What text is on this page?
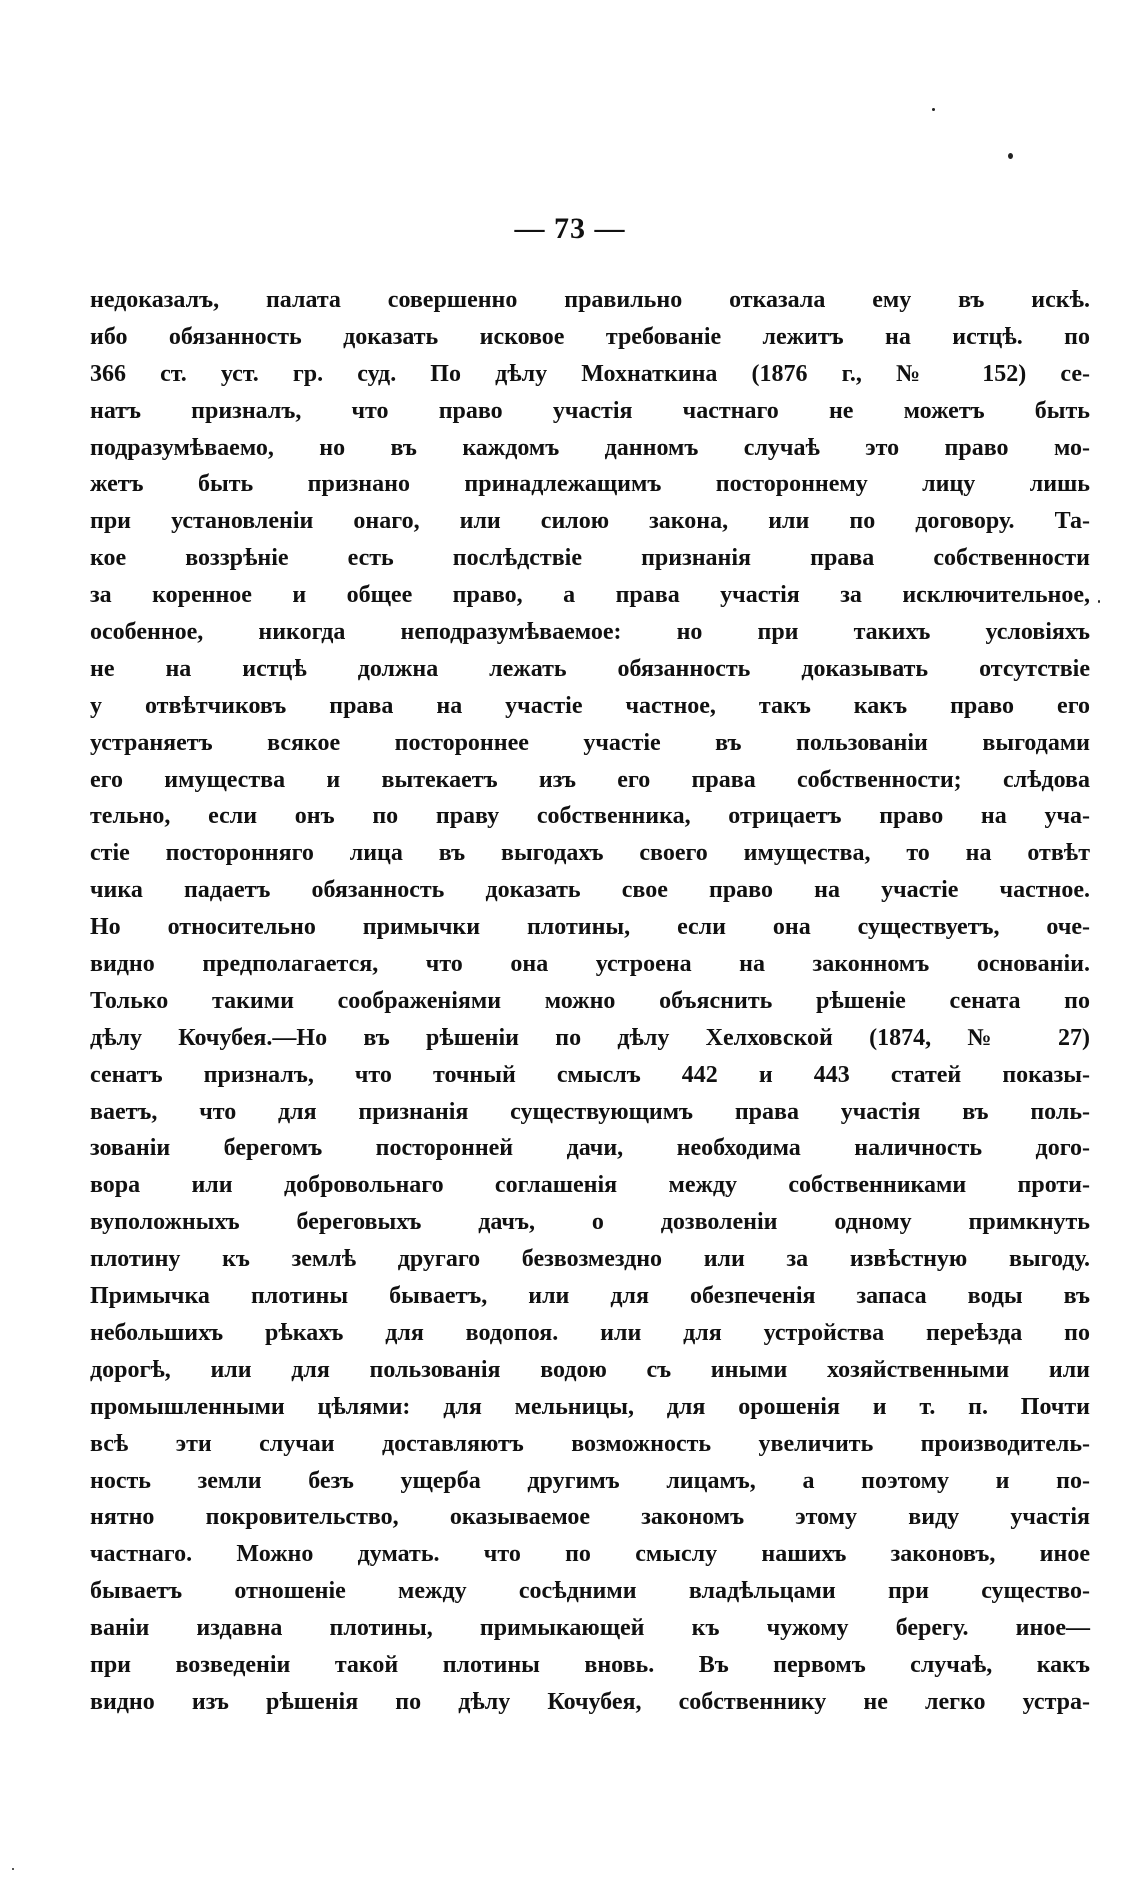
— 73 —
недоказалъ, палата совершенно правильно отказала ему въ искѣ.
ибо обязанность доказать исковое требованіе лежитъ на истцѣ. по
366 ст. уст. гр. суд. По дѣлу Мохнаткина (1876 г., № 152) се-
натъ призналъ, что право участія частнаго не можетъ быть
подразумѣваемо, но въ каждомъ данномъ случаѣ это право мо-
жетъ быть признано принадлежащимъ постороннему лицу лишь
при установленіи онаго, или силою закона, или по договору. Та-
кое воззрѣніе есть послѣдствіе признанія права собственности
за коренное и общее право, а права участія за исключительное,
особенное, никогда неподразумѣваемое: но при такихъ условіяхъ
не на истцѣ должна лежать обязанность доказывать отсутствіе
у отвѣтчиковъ права на участіе частное, такъ какъ право его
устраняетъ всякое постороннее участіе въ пользованіи выгодами
его имущества и вытекаетъ изъ его права собственности; слѣдова
тельно, если онъ по праву собственника, отрицаетъ право на уча-
стіе посторонняго лица въ выгодахъ своего имущества, то на отвѣт
чика падаетъ обязанность доказать свое право на участіе частное.
Но относительно примычки плотины, если она существуетъ, оче-
видно предполагается, что она устроена на законномъ основаніи.
Только такими соображеніями можно объяснить рѣшеніе сената по
дѣлу Кочубея.—Но въ рѣшеніи по дѣлу Хелховской (1874, № 27)
сенатъ призналъ, что точный смыслъ 442 и 443 статей показы-
ваетъ, что для признанія существующимъ права участія въ поль-
зованіи берегомъ посторонней дачи, необходима наличность дого-
вора или добровольнаго соглашенія между собственниками проти-
вуположныхъ береговыхъ дачъ, о дозволеніи одному примкнуть
плотину къ землѣ другаго безвозмездно или за извѣстную выгоду.
Примычка плотины бываетъ, или для обезпеченія запаса воды въ
небольшихъ рѣкахъ для водопоя. или для устройства переѣзда по
дорогѣ, или для пользованія водою съ иными хозяйственными или
промышленными цѣлями: для мельницы, для орошенія и т. п. Почти
всѣ эти случаи доставляютъ возможность увеличить производитель-
ность земли безъ ущерба другимъ лицамъ, а поэтому и по-
нятно покровительство, оказываемое закономъ этому виду участія
частнаго. Можно думать. что по смыслу нашихъ законовъ, иное
бываетъ отношеніе между сосѣдними владѣльцами при существо-
ваніи издавна плотины, примыкающей къ чужому берегу. иное—
при возведеніи такой плотины вновь. Въ первомъ случаѣ, какъ
видно изъ рѣшенія по дѣлу Кочубея, собственнику не легко устра-
